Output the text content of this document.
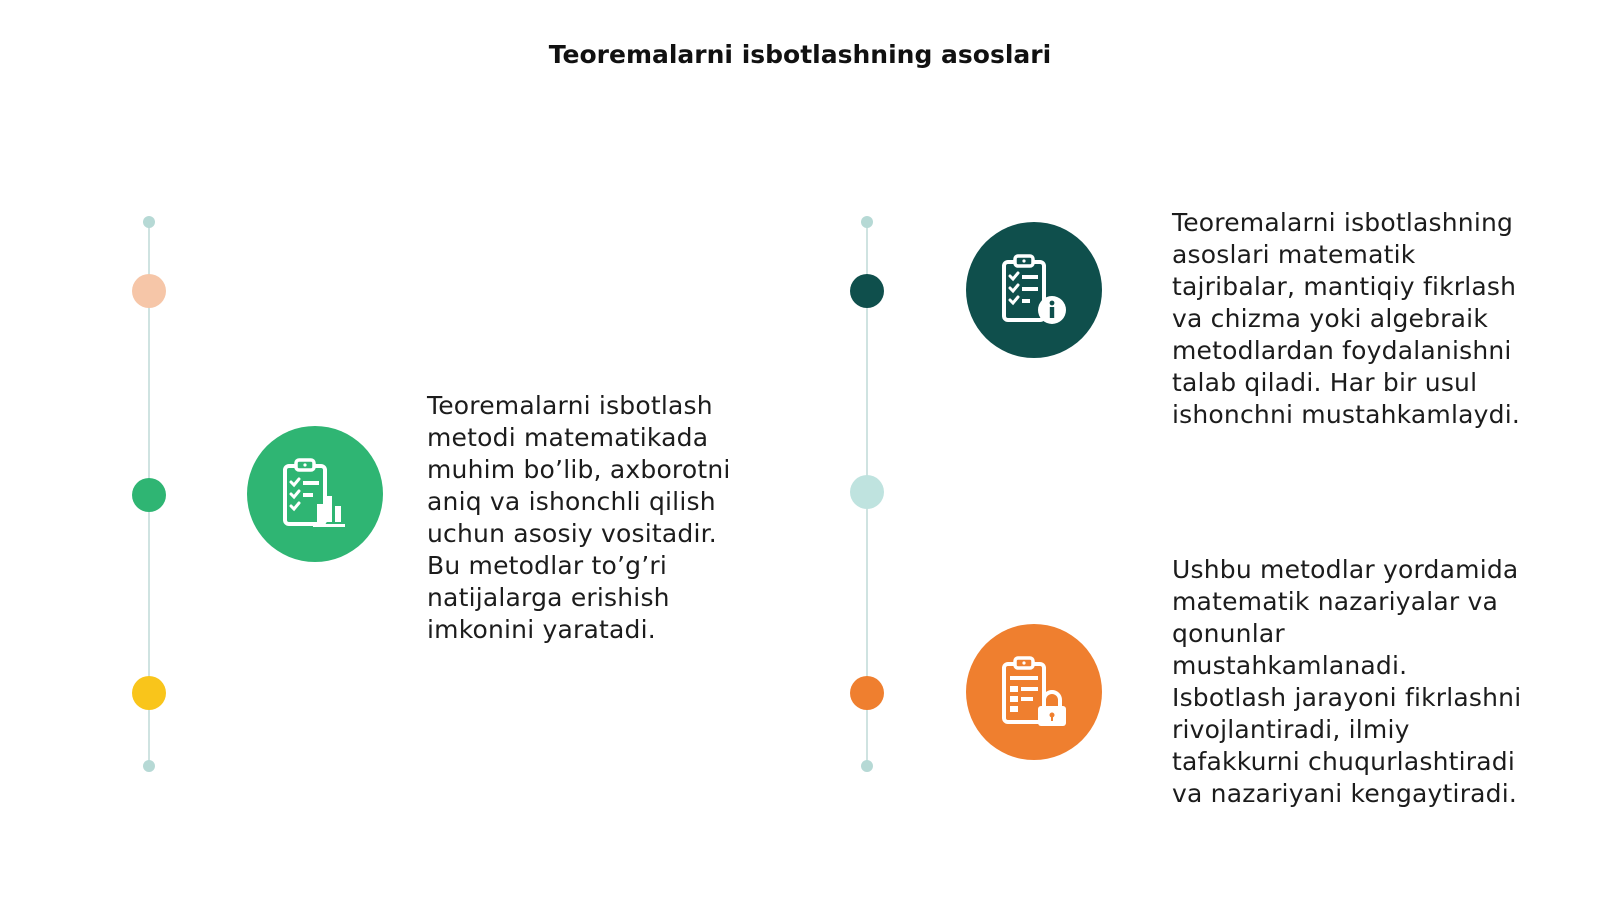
Teoremalarni isbotlashning asoslari
Teoremalarni isbotlash
metodi matematikada
muhim bo’lib, axborotni
aniq va ishonchli qilish
uchun asosiy vositadir.
Bu metodlar to’g’ri
natijalarga erishish
imkonini yaratadi.
Teoremalarni isbotlashning
asoslari matematik
tajribalar, mantiqiy fikrlash
va chizma yoki algebraik
metodlardan foydalanishni
talab qiladi. Har bir usul
ishonchni mustahkamlaydi.
Ushbu metodlar yordamida
matematik nazariyalar va
qonunlar
mustahkamlanadi.
Isbotlash jarayoni fikrlashni
rivojlantiradi, ilmiy
tafakkurni chuqurlashtiradi
va nazariyani kengaytiradi.
